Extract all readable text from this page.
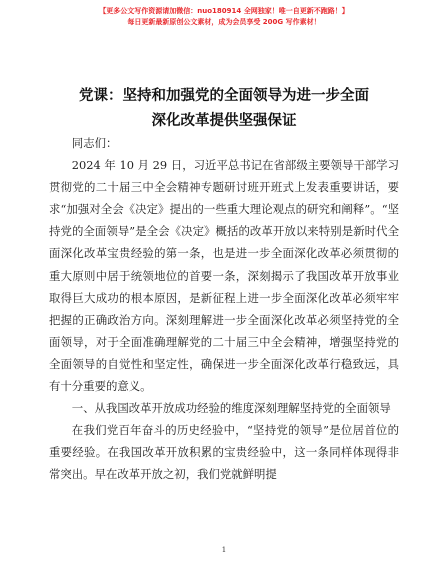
【更多公文写作资源请加微信：nuo180914 全网独家！唯一自更新不跑路！】
每日更新最新原创公文素材，成为会员享受 200G 写作素材！
党课：坚持和加强党的全面领导为进一步全面
深化改革提供坚强保证

同志们：

2024 年 10 月 29 日，习近平总书记在省部级主要领导干部学习贯彻党的二十届三中全会精神专题研讨班开班式上发表重要讲话，要求“加强对全会《决定》提出的一些重大理论观点的研究和阐释”。“坚持党的全面领导”是全会《决定》概括的改革开放以来特别是新时代全面深化改革宝贵经验的第一条，也是进一步全面深化改革必须贯彻的重大原则中居于统领地位的首要一条，深刻揭示了我国改革开放事业取得巨大成功的根本原因，是新征程上进一步全面深化改革必须牢牢把握的正确政治方向。深刻理解进一步全面深化改革必须坚持党的全面领导，对于全面准确理解党的二十届三中全会精神，增强坚持党的全面领导的自觉性和坚定性，确保进一步全面深化改革行稳致远，具有十分重要的意义。

一、从我国改革开放成功经验的维度深刻理解坚持党的全面领导

在我们党百年奋斗的历史经验中，“坚持党的领导”是位居首位的重要经验。在我国改革开放积累的宝贵经验中，这一条同样体现得非常突出。早在改革开放之初，我们党就鲜明提

1
